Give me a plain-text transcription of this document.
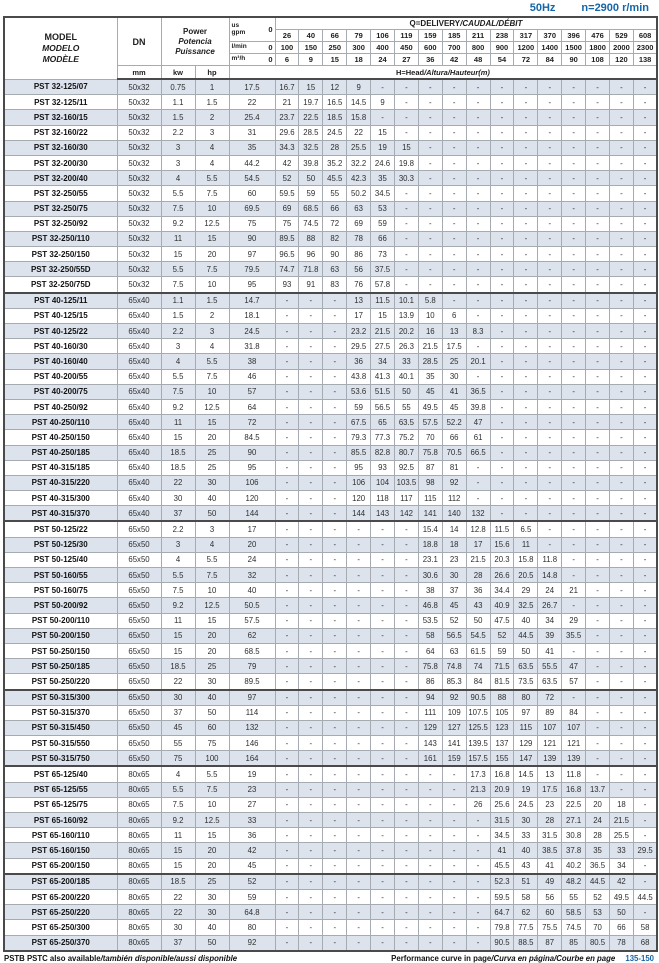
50Hz n=2900 r/min
MODEL
MODELO
MODÈLE
	DN	
Power
Potencia
Puissance

us
gpm	0
	Q=DELIVERY/CAUDAL/DÉBIT
					26	40	66	79	106	119	159	185	211	238	317	370	396	476	529	608

				l/min 0	100	150	250	300	400	450	600	700	800	900	1200	1400	1500	1800	2000	2300

				m³/h 0	6	9	15	18	24	27	36	42	48	54	72	84	90	108	120	138
	mm	kw	hp	H=Head/Altura/Hauteur(m)																
PST 32-125/07	50x32	0.75	1	17.5	16.7	15	12	9	-	-	-	-	-	-	-	-	-	-	-	-
PST 32-125/11	50x32	1.1	1.5	22	21	19.7	16.5	14.5	9	-	-	-	-	-	-	-	-	-	-	-
PST 32-160/15	50x32	1.5	2	25.4	23.7	22.5	18.5	15.8	-	-	-	-	-	-	-	-	-	-	-	-
PST 32-160/22	50x32	2.2	3	31	29.6	28.5	24.5	22	15	-	-	-	-	-	-	-	-	-	-	-
PST 32-160/30	50x32	3	4	35	34.3	32.5	28	25.5	19	15	-	-	-	-	-	-	-	-	-	-
PST 32-200/30	50x32	3	4	44.2	42	39.8	35.2	32.2	24.6	19.8	-	-	-	-	-	-	-	-	-	-
PST 32-200/40	50x32	4	5.5	54.5	52	50	45.5	42.3	35	30.3	-	-	-	-	-	-	-	-	-	-
PST 32-250/55	50x32	5.5	7.5	60	59.5	59	55	50.2	34.5	-	-	-	-	-	-	-	-	-	-	-
PST 32-250/75	50x32	7.5	10	69.5	69	68.5	66	63	53	-	-	-	-	-	-	-	-	-	-	-
PST 32-250/92	50x32	9.2	12.5	75	75	74.5	72	69	59	-	-	-	-	-	-	-	-	-	-	-
PST 32-250/110	50x32	11	15	90	89.5	88	82	78	66	-	-	-	-	-	-	-	-	-	-	-
PST 32-250/150	50x32	15	20	97	96.5	96	90	86	73	-	-	-	-	-	-	-	-	-	-	-
PST 32-250/55D	50x32	5.5	7.5	79.5	74.7	71.8	63	56	37.5	-	-	-	-	-	-	-	-	-	-	-
PST 32-250/75D	50x32	7.5	10	95	93	91	83	76	57.8	-	-	-	-	-	-	-	-	-	-	-
PST 40-125/11	65x40	1.1	1.5	14.7	-	-	-	13	11.5	10.1	5.8	-	-	-	-	-	-	-	-	-
PST 40-125/15	65x40	1.5	2	18.1	-	-	-	17	15	13.9	10	6	-	-	-	-	-	-	-	-
PST 40-125/22	65x40	2.2	3	24.5	-	-	-	23.2	21.5	20.2	16	13	8.3	-	-	-	-	-	-	-
PST 40-160/30	65x40	3	4	31.8	-	-	-	29.5	27.5	26.3	21.5	17.5	-	-	-	-	-	-	-	-
PST 40-160/40	65x40	4	5.5	38	-	-	-	36	34	33	28.5	25	20.1	-	-	-	-	-	-	-
PST 40-200/55	65x40	5.5	7.5	46	-	-	-	43.8	41.3	40.1	35	30	-	-	-	-	-	-	-	-
PST 40-200/75	65x40	7.5	10	57	-	-	-	53.6	51.5	50	45	41	36.5	-	-	-	-	-	-	-
PST 40-250/92	65x40	9.2	12.5	64	-	-	-	59	56.5	55	49.5	45	39.8	-	-	-	-	-	-	-
PST 40-250/110	65x40	11	15	72	-	-	-	67.5	65	63.5	57.5	52.2	47	-	-	-	-	-	-	-
PST 40-250/150	65x40	15	20	84.5	-	-	-	79.3	77.3	75.2	70	66	61	-	-	-	-	-	-	-
PST 40-250/185	65x40	18.5	25	90	-	-	-	85.5	82.8	80.7	75.8	70.5	66.5	-	-	-	-	-	-	-
PST 40-315/185	65x40	18.5	25	95	-	-	-	95	93	92.5	87	81	-	-	-	-	-	-	-	-
PST 40-315/220	65x40	22	30	106	-	-	-	106	104	103.5	98	92	-	-	-	-	-	-	-	-
PST 40-315/300	65x40	30	40	120	-	-	-	120	118	117	115	112	-	-	-	-	-	-	-	-
PST 40-315/370	65x40	37	50	144	-	-	-	144	143	142	141	140	132	-	-	-	-	-	-	-
PST 50-125/22	65x50	2.2	3	17	-	-	-	-	-	-	15.4	14	12.8	11.5	6.5	-	-	-	-	-
PST 50-125/30	65x50	3	4	20	-	-	-	-	-	-	18.8	18	17	15.6	11	-	-	-	-	-
PST 50-125/40	65x50	4	5.5	24	-	-	-	-	-	-	23.1	23	21.5	20.3	15.8	11.8	-	-	-	-
PST 50-160/55	65x50	5.5	7.5	32	-	-	-	-	-	-	30.6	30	28	26.6	20.5	14.8	-	-	-	-
PST 50-160/75	65x50	7.5	10	40	-	-	-	-	-	-	38	37	36	34.4	29	24	21	-	-	-
PST 50-200/92	65x50	9.2	12.5	50.5	-	-	-	-	-	-	46.8	45	43	40.9	32.5	26.7	-	-	-	-
PST 50-200/110	65x50	11	15	57.5	-	-	-	-	-	-	53.5	52	50	47.5	40	34	29	-	-	-
PST 50-200/150	65x50	15	20	62	-	-	-	-	-	-	58	56.5	54.5	52	44.5	39	35.5	-	-	-
PST 50-250/150	65x50	15	20	68.5	-	-	-	-	-	-	64	63	61.5	59	50	41	-	-	-	-
PST 50-250/185	65x50	18.5	25	79	-	-	-	-	-	-	75.8	74.8	74	71.5	63.5	55.5	47	-	-	-
PST 50-250/220	65x50	22	30	89.5	-	-	-	-	-	-	86	85.3	84	81.5	73.5	63.5	57	-	-	-
PST 50-315/300	65x50	30	40	97	-	-	-	-	-	-	94	92	90.5	88	80	72	-	-	-	-
PST 50-315/370	65x50	37	50	114	-	-	-	-	-	-	111	109	107.5	105	97	89	84	-	-	-
PST 50-315/450	65x50	45	60	132	-	-	-	-	-	-	129	127	125.5	123	115	107	107	-	-	-
PST 50-315/550	65x50	55	75	146	-	-	-	-	-	-	143	141	139.5	137	129	121	121	-	-	-
PST 50-315/750	65x50	75	100	164	-	-	-	-	-	-	161	159	157.5	155	147	139	139	-	-	-
PST 65-125/40	80x65	4	5.5	19	-	-	-	-	-	-	-	-	17.3	16.8	14.5	13	11.8	-	-	-
PST 65-125/55	80x65	5.5	7.5	23	-	-	-	-	-	-	-	-	21.3	20.9	19	17.5	16.8	13.7	-	-
PST 65-125/75	80x65	7.5	10	27	-	-	-	-	-	-	-	-	26	25.6	24.5	23	22.5	20	18	-
PST 65-160/92	80x65	9.2	12.5	33	-	-	-	-	-	-	-	-	-	31.5	30	28	27.1	24	21.5	-
PST 65-160/110	80x65	11	15	36	-	-	-	-	-	-	-	-	-	34.5	33	31.5	30.8	28	25.5	-
PST 65-160/150	80x65	15	20	42	-	-	-	-	-	-	-	-	-	41	40	38.5	37.8	35	33	29.5
PST 65-200/150	80x65	15	20	45	-	-	-	-	-	-	-	-	-	45.5	43	41	40.2	36.5	34	-
PST 65-200/185	80x65	18.5	25	52	-	-	-	-	-	-	-	-	-	52.3	51	49	48.2	44.5	42	-
PST 65-200/220	80x65	22	30	59	-	-	-	-	-	-	-	-	-	59.5	58	56	55	52	49.5	44.5
PST 65-250/220	80x65	22	30	64.8	-	-	-	-	-	-	-	-	-	64.7	62	60	58.5	53	50	-
PST 65-250/300	80x65	30	40	80	-	-	-	-	-	-	-	-	-	79.8	77.5	75.5	74.5	70	66	58
PST 65-250/370	80x65	37	50	92	-	-	-	-	-	-	-	-	-	90.5	88.5	87	85	80.5	78	68
PSTB PSTC also available/también disponible/aussi disponible	Performance curve in page/Curva en página/Courbe en page 135-150
